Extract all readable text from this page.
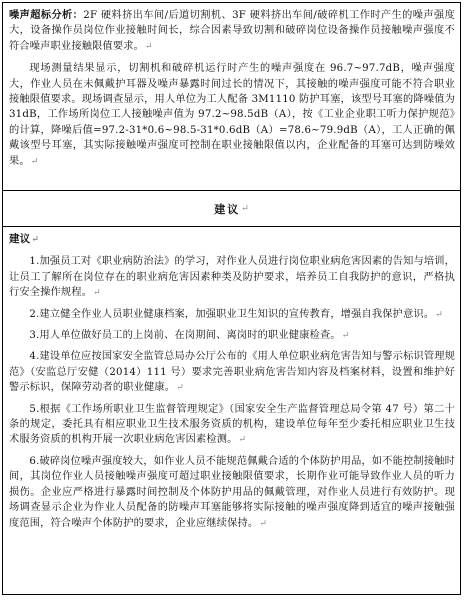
噪声超标分析：2F 硬料挤出车间/后道切割机、3F 硬料挤出车间/破碎机工作时产生的噪声强度大，设备操作员岗位作业接触时间长，综合因素导致切割和破碎岗位设备操作员接触噪声强度不符合噪声职业接触限值要求。↵

现场测量结果显示，切割机和破碎机运行时产生的噪声强度在 96.7~97.7dB，噪声强度大，作业人员在未佩戴护耳器及噪声暴露时间过长的情况下，其接触的噪声强度可能不符合职业接触限值要求。现场调查显示，用人单位为工人配备 3M1110 防护耳塞，该型号耳塞的降噪值为 31dB，工作场所岗位工人接触噪声值为 97.2~98.5dB（A），按《工业企业职工听力保护规范》的计算，降噪后值=97.2-31*0.6~98.5-31*0.6dB（A）=78.6~79.9dB（A），工人正确的佩戴该型号耳塞，其实际接触噪声强度可控制在职业接触限值以内，企业配备的耳塞可达到防噪效果。↵

建议 ↵

建议↵

1.加强员工对《职业病防治法》的学习，对作业人员进行岗位职业病危害因素的告知与培训，让员工了解所在岗位存在的职业病危害因素种类及防护要求，培养员工自我防护的意识，严格执行安全操作规程。↵

2.建立健全作业人员职业健康档案，加强职业卫生知识的宣传教育，增强自我保护意识。↵

3.用人单位做好员工的上岗前、在岗期间、离岗时的职业健康检查。↵

4.建设单位应按国家安全监管总局办公厅公布的《用人单位职业病危害告知与警示标识管理规范》（安监总厅安健（2014）111 号）要求完善职业病危害告知内容及档案材料，设置和维护好警示标识，保障劳动者的职业健康。↵

5.根据《工作场所职业卫生监督管理规定》（国家安全生产监督管理总局令第 47 号）第二十条的规定，委托具有相应职业卫生技术服务资质的机构，建设单位每年至少委托相应职业卫生技术服务资质的机构开展一次职业病危害因素检测。↵

6.破碎岗位噪声强度较大，如作业人员不能规范佩戴合适的个体防护用品，如不能控制接触时间，其岗位作业人员接触噪声强度可超过职业接触限值要求，长期作业可能导致作业人员的听力损伤。企业应严格进行暴露时间控制及个体防护用品的佩戴管理，对作业人员进行有效防护。现场调查显示企业为作业人员配备的防噪声耳塞能够将实际接触的噪声强度降到适宜的噪声接触强度范围，符合噪声个体防护的要求，企业应继续保持。↵
